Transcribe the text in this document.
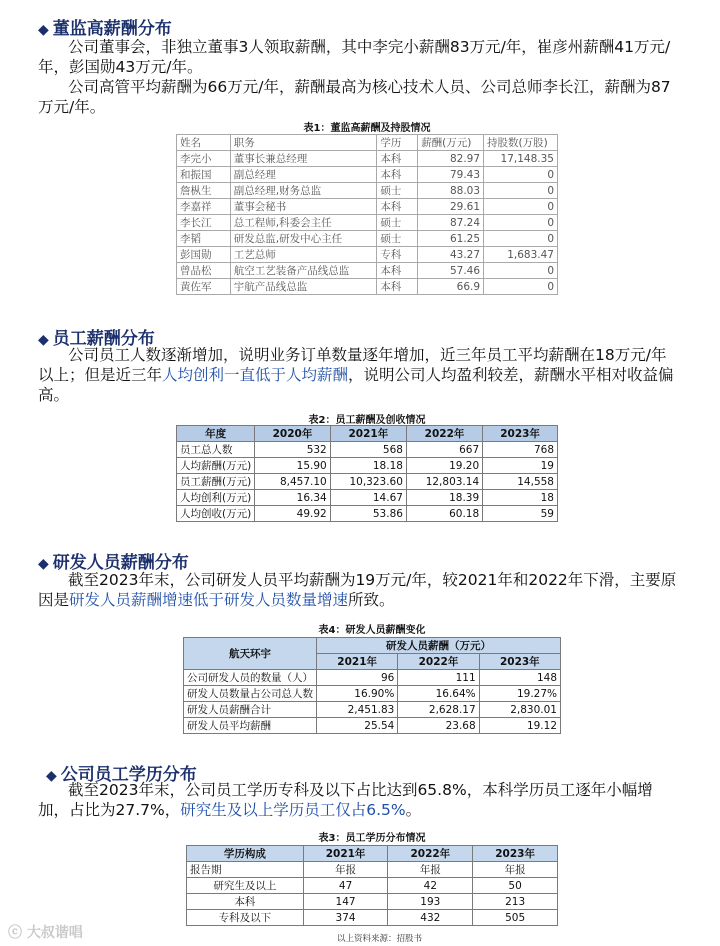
◆ 董监高薪酬分布

公司董事会，非独立董事3人领取薪酬，其中李完小薪酬83万元/年，崔彦州薪酬41万元/年，彭国勋43万元/年。

公司高管平均薪酬为66万元/年，薪酬最高为核心技术人员、公司总师李长江，薪酬为87万元/年。

表1：董监高薪酬及持股情况
姓名	职务	学历	薪酬(万元)	持股数(万股)
李完小	董事长兼总经理	本科	82.97	17,148.35
和振国	副总经理	本科	79.43	0
詹枞生	副总经理,财务总监	硕士	88.03	0
李嘉祥	董事会秘书	本科	29.61	0
李长江	总工程师,科委会主任	硕士	87.24	0
李韬	研发总监,研发中心主任	硕士	61.25	0
彭国勋	工艺总师	专科	43.27	1,683.47
曾品松	航空工艺装备产品线总监	本科	57.46	0
黄佐军	宇航产品线总监	本科	66.9	0
◆ 员工薪酬分布

公司员工人数逐渐增加，说明业务订单数量逐年增加，近三年员工平均薪酬在18万元/年以上；但是近三年人均创利一直低于人均薪酬，说明公司人均盈利较差，薪酬水平相对收益偏高。

表2：员工薪酬及创收情况
年度	2020年	2021年	2022年	2023年
员工总人数	532	568	667	768
人均薪酬(万元)	15.90	18.18	19.20	19
员工薪酬(万元)	8,457.10	10,323.60	12,803.14	14,558
人均创利(万元)	16.34	14.67	18.39	18
人均创收(万元)	49.92	53.86	60.18	59
◆ 研发人员薪酬分布

截至2023年末，公司研发人员平均薪酬为19万元/年，较2021年和2022年下滑，主要原因是研发人员薪酬增速低于研发人员数量增速所致。

表4：研发人员薪酬变化
航天环宇	研发人员薪酬（万元）		
	2021年	2022年	2023年
公司研发人员的数量（人）	96	111	148
研发人员数量占公司总人数	16.90%	16.64%	19.27%
研发人员薪酬合计	2,451.83	2,628.17	2,830.01
研发人员平均薪酬	25.54	23.68	19.12
◆ 公司员工学历分布

截至2023年末，公司员工学历专科及以下占比达到65.8%，本科学历员工逐年小幅增加，占比为27.7%，研究生及以上学历员工仅占6.5%。

表3：员工学历分布情况
学历构成	2021年	2022年	2023年
报告期	年报	年报	年报
研究生及以上	47	42	50
本科	147	193	213
专科及以下	374	432	505
ⓒ 大叔谐唱	以上资料来源：招股书
